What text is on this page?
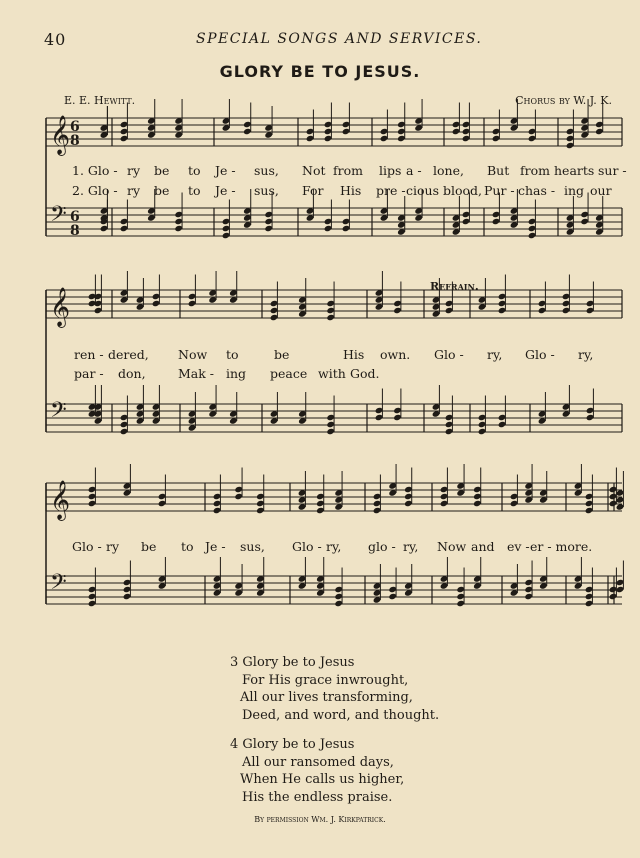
40	SPECIAL SONGS AND SERVICES.
GLORY BE TO JESUS.
E. E. Hewitt.	Chorus by W. J. K.
1. Glo - ry be to Je - sus, Not from lips a - lone, But from hearts sur -
2. Glo - ry be to Je - sus, For His pre - cious blood, Pur - chas - ing our
ren - dered, Now to	be	His own. Glo - ry, Glo - ry,
par - don,	Mak - ing peace with God.
Glo - ry be to Je - sus, Glo - ry, glo - ry, Now and ev - er - more.
Refrain.
𝄞 6
8
𝄢 6
8
𝄞
𝄢
𝄞
𝄢
3 Glory be to Jesus
For His grace inwrought,
All our lives transforming,
Deed, and word, and thought.
4 Glory be to Jesus
All our ransomed days,
When He calls us higher,
His the endless praise.
By permission Wm. J. Kirkpatrick.
